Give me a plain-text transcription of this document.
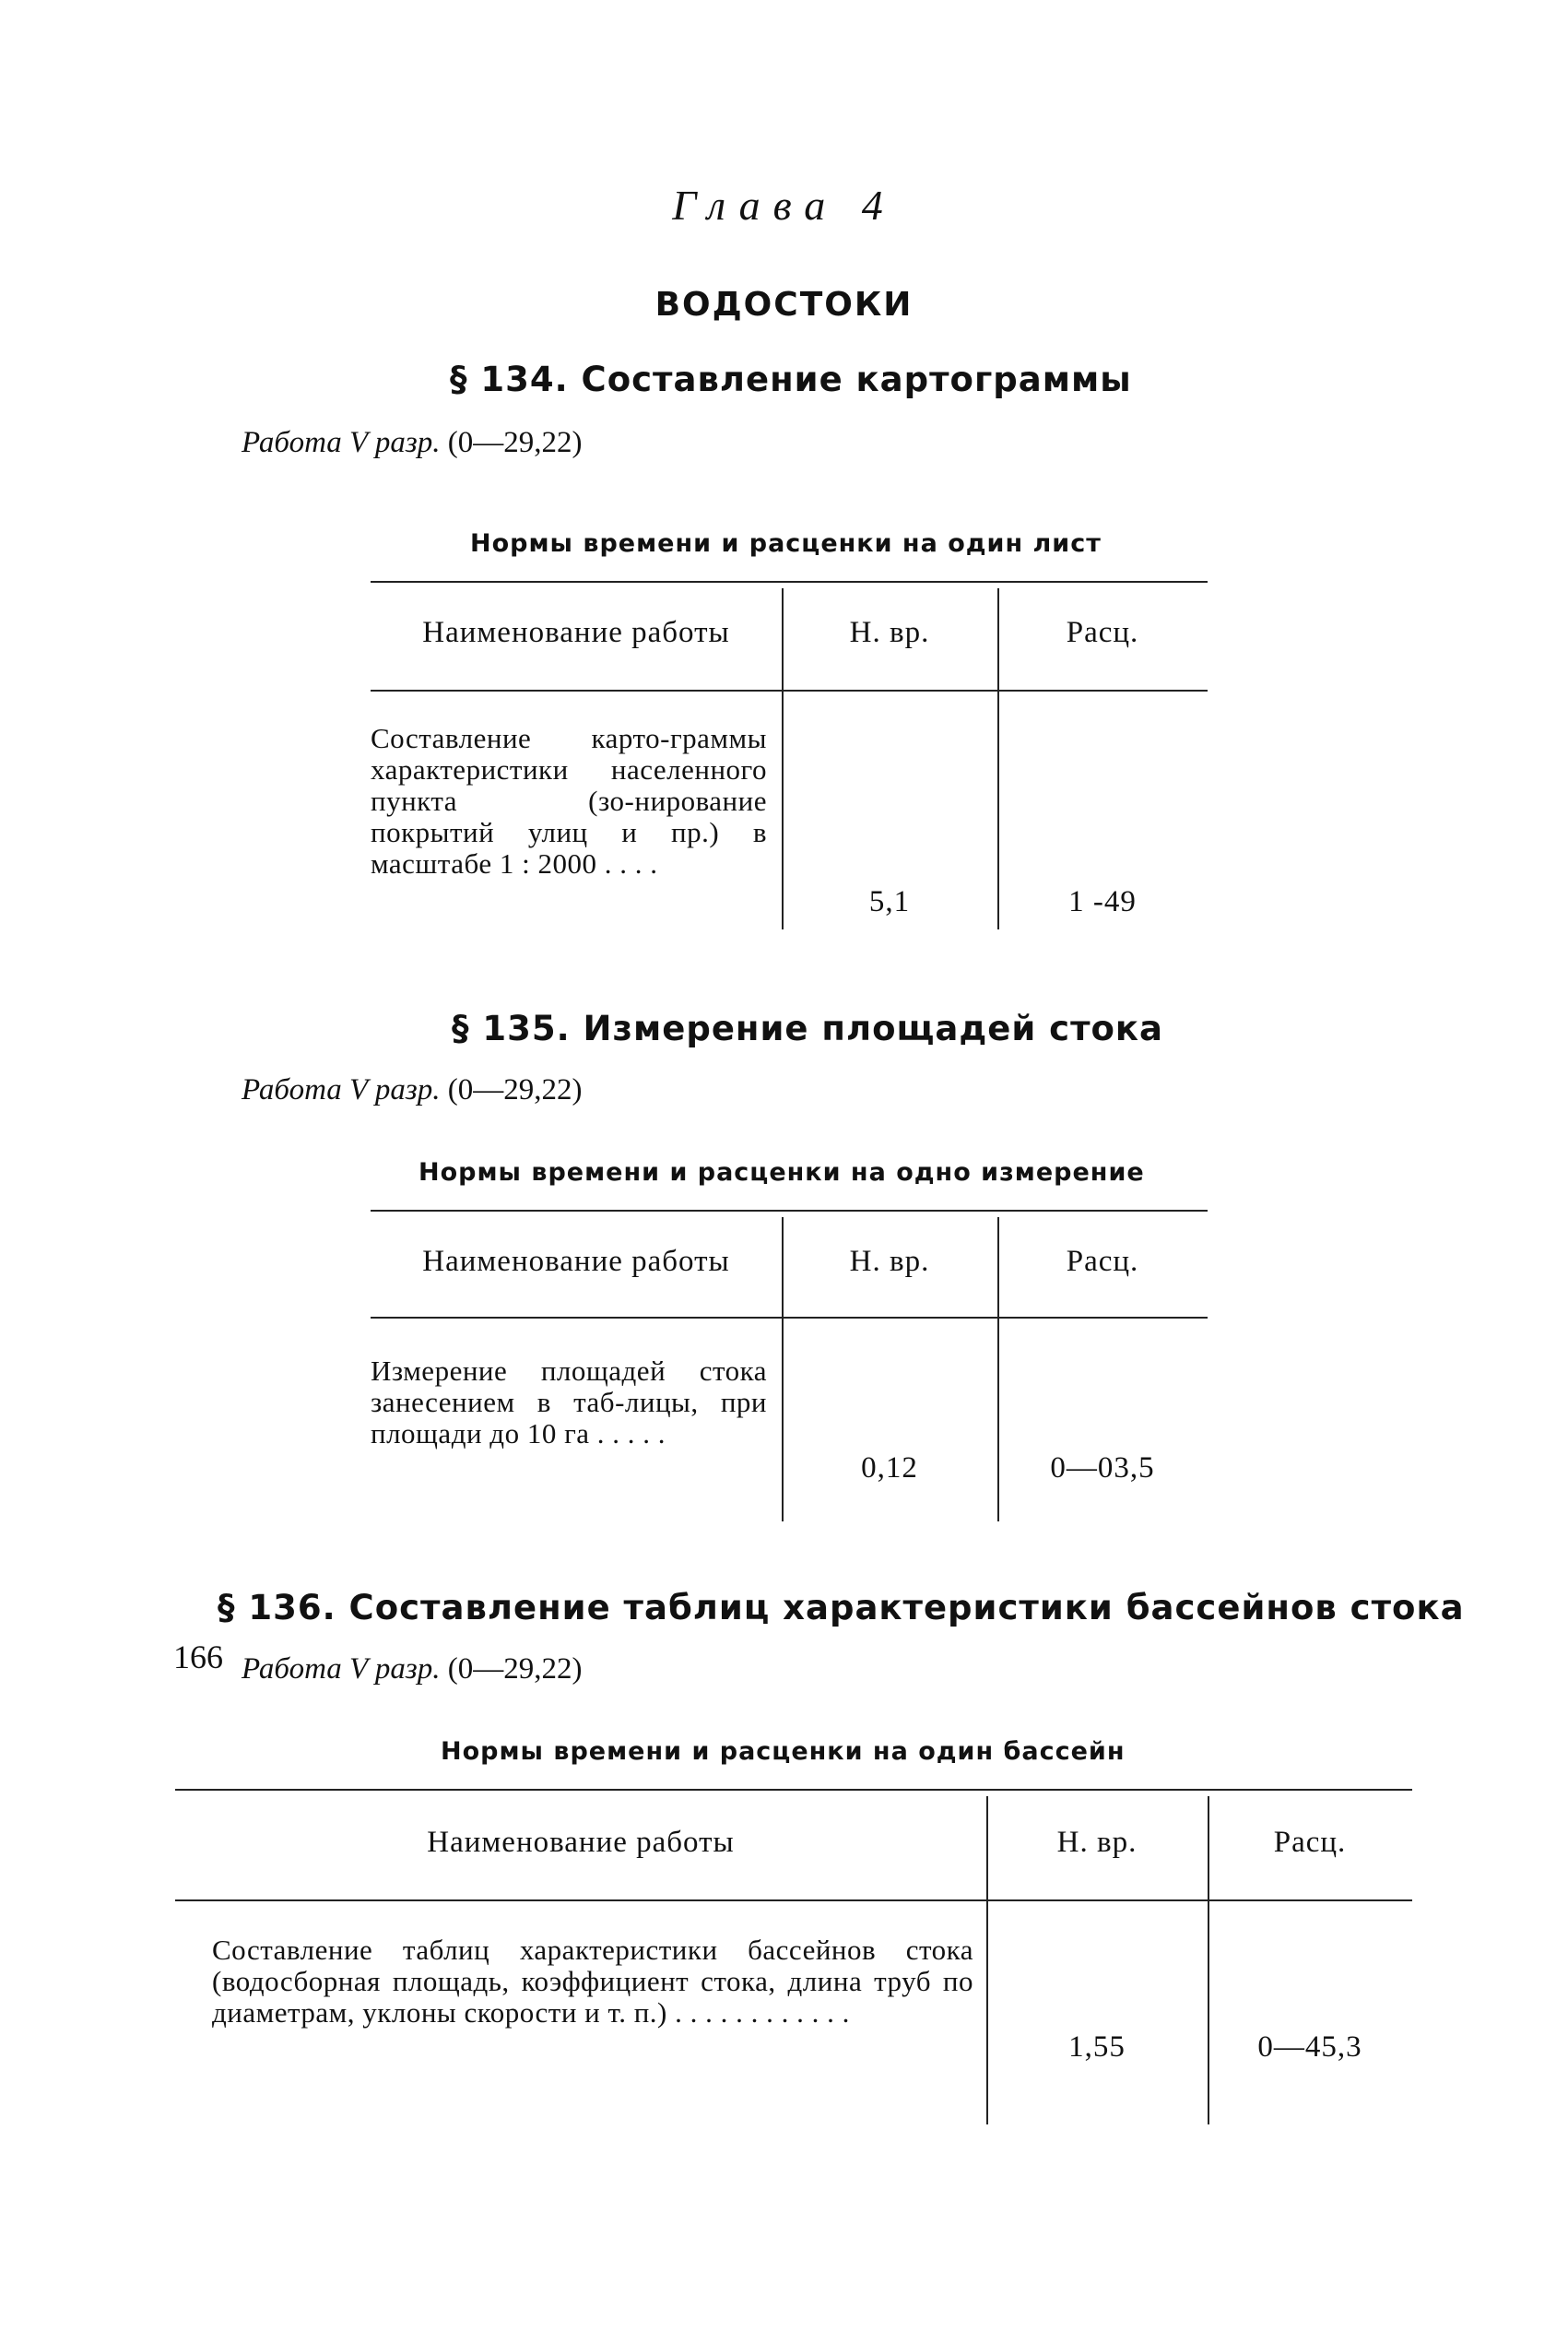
Глава 4
ВОДОСТОКИ
§ 134. Составление картограммы
Работа V разр. (0—29,22)
Нормы времени и расценки на один лист
Наименование работы	Н. вр.	Расц.
Составление карто-граммы характеристики населенного пункта (зо-нирование покрытий улиц и пр.) в масштабе 1 : 2000 . . . .
5,1	1 -49
§ 135. Измерение площадей стока
Работа V разр. (0—29,22)
Нормы времени и расценки на одно измерение
Наименование работы	Н. вр.	Расц.
Измерение площадей стока занесением в таб-лицы, при площади до 10 га . . . . .
0,12	0—03,5
§ 136. Составление таблиц характеристики бассейнов стока
Работа V разр. (0—29,22)
Нормы времени и расценки на один бассейн
Наименование работы	Н. вр.	Расц.
Составление таблиц характеристики бассейнов стока (водосборная площадь, коэффициент стока, длина труб по диаметрам, уклоны скорости и т. п.) . . . . . . . . . . . .
1,55	0—45,3
166
